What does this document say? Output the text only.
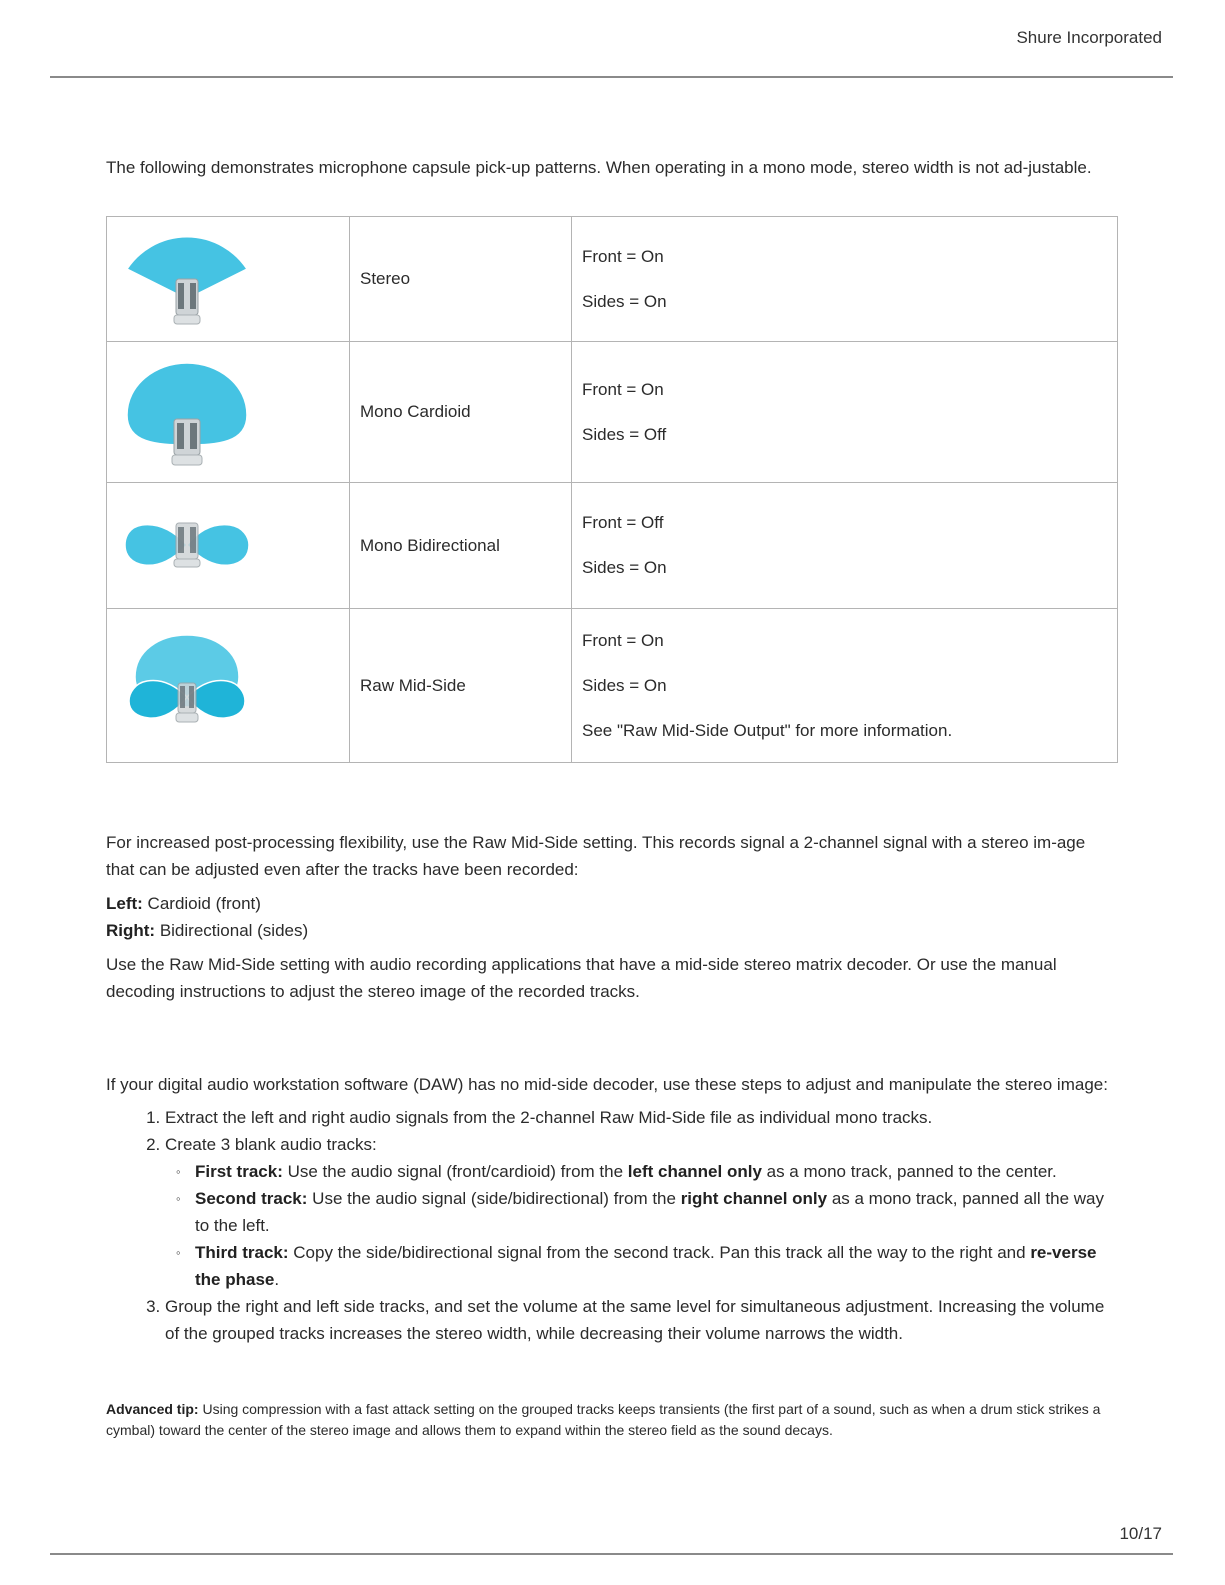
Shure Incorporated

The following demonstrates microphone capsule pick-up patterns. When operating in a mono mode, stereo width is not ad-justable.

	Stereo	Front = On

Sides = On

	Mono Cardioid	Front = On

Sides = Off

	Mono Bidirectional	Front = Off

Sides = On

	Raw Mid-Side	Front = On

Sides = On

See "Raw Mid-Side Output" for more information.

For increased post-processing flexibility, use the Raw Mid-Side setting. This records signal a 2-channel signal with a stereo im-age that can be adjusted even after the tracks have been recorded:

Left: Cardioid (front)

Right: Bidirectional (sides)

Use the Raw Mid-Side setting with audio recording applications that have a mid-side stereo matrix decoder. Or use the manual decoding instructions to adjust the stereo image of the recorded tracks.

If your digital audio workstation software (DAW) has no mid-side decoder, use these steps to adjust and manipulate the stereo image:

1. Extract the left and right audio signals from the 2-channel Raw Mid-Side file as individual mono tracks.
2. Create 3 blank audio tracks:
◦ First track: Use the audio signal (front/cardioid) from the left channel only as a mono track, panned to the center.
◦ Second track: Use the audio signal (side/bidirectional) from the right channel only as a mono track, panned all the way to the left.
◦ Third track: Copy the side/bidirectional signal from the second track. Pan this track all the way to the right and re-verse the phase.
3. Group the right and left side tracks, and set the volume at the same level for simultaneous adjustment. Increasing the volume of the grouped tracks increases the stereo width, while decreasing their volume narrows the width.

Advanced tip: Using compression with a fast attack setting on the grouped tracks keeps transients (the first part of a sound, such as when a drum stick strikes a cymbal) toward the center of the stereo image and allows them to expand within the stereo field as the sound decays.

10/17
